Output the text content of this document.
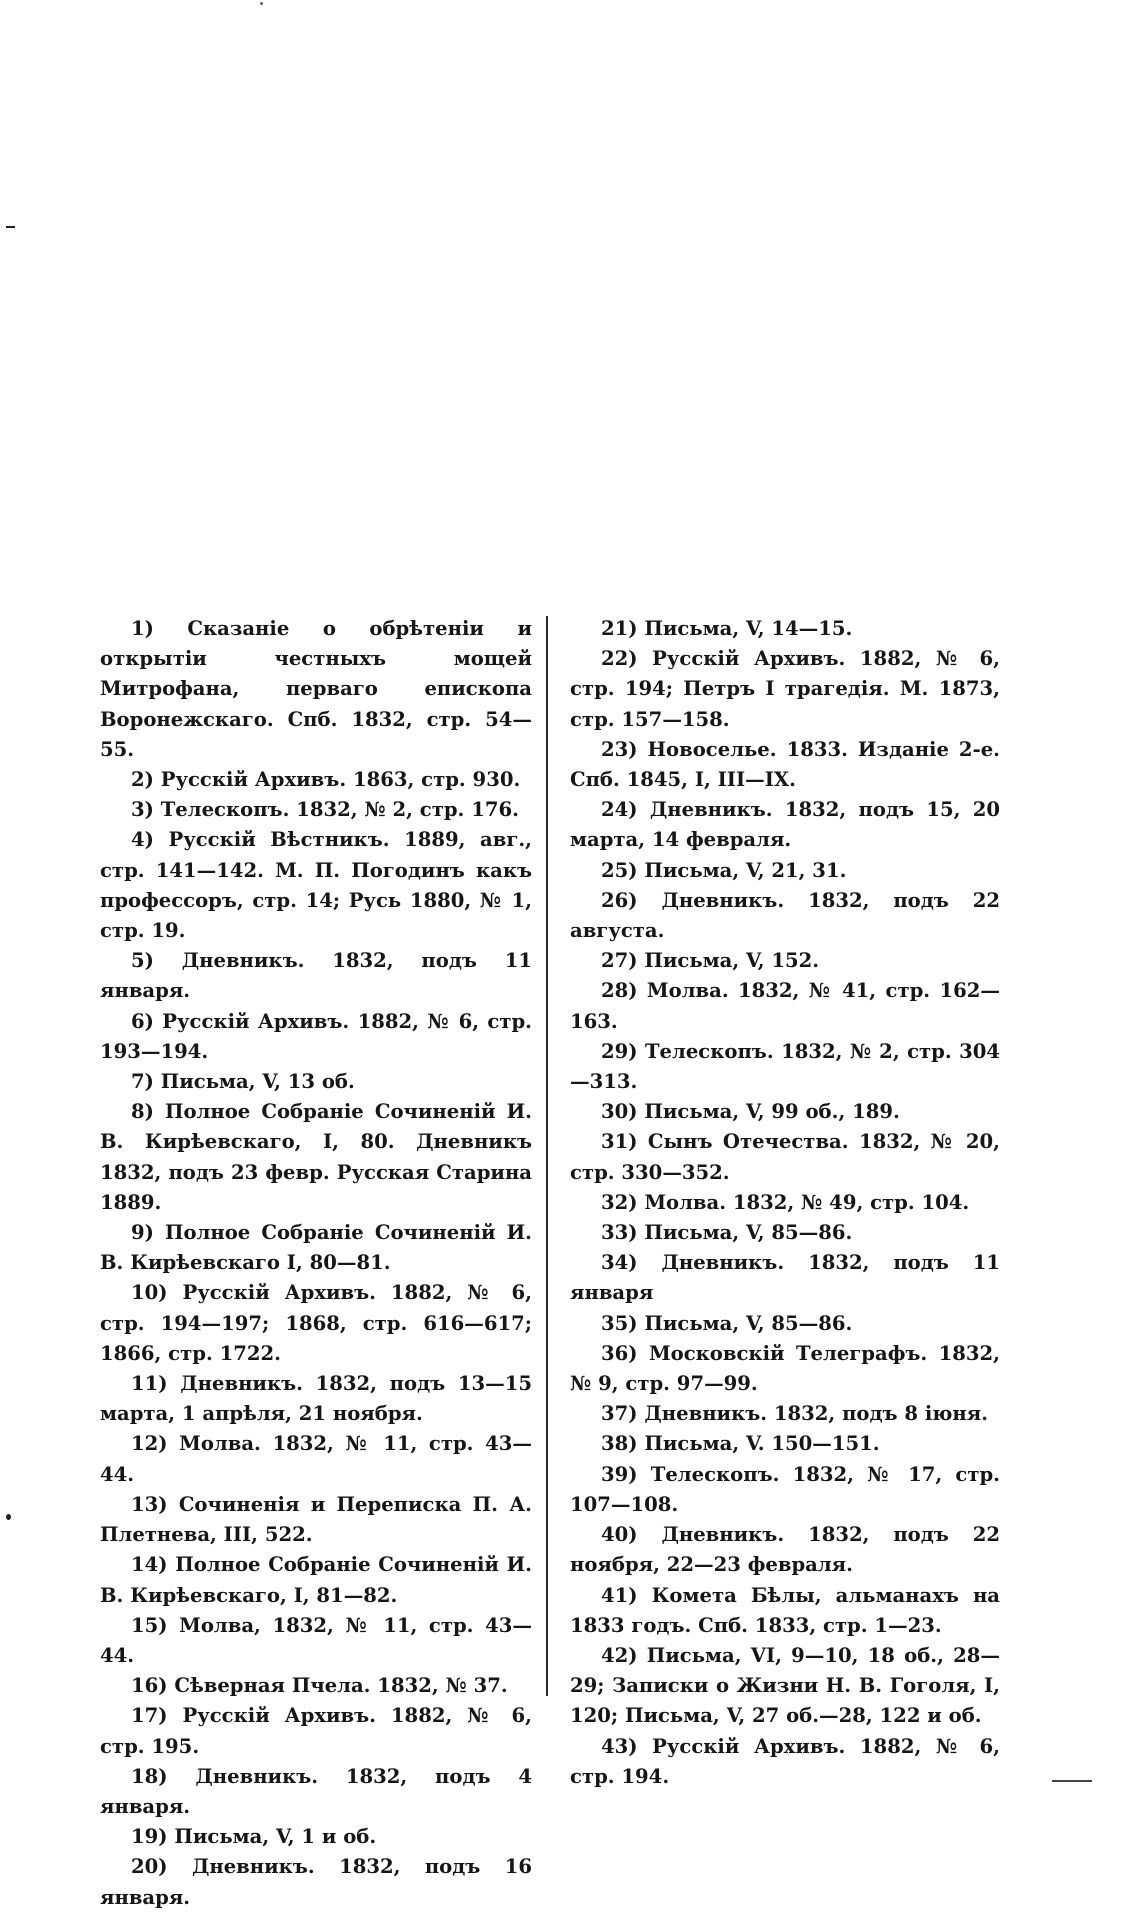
1) Сказаніе о обрѣтеніи и открытіи честныхъ мощей Митрофана, перваго епископа Воронежскаго. Спб. 1832, стр. 54—55.

2) Русскій Архивъ. 1863, стр. 930.

3) Телескопъ. 1832, № 2, стр. 176.

4) Русскій Вѣстникъ. 1889, авг., стр. 141—142. М. П. Погодинъ какъ профессоръ, стр. 14; Русь 1880, № 1, стр. 19.

5) Дневникъ. 1832, подъ 11 января.

6) Русскій Архивъ. 1882, № 6, стр. 193—194.

7) Письма, V, 13 об.

8) Полное Собраніе Сочиненій И. В. Кирѣевскаго, I, 80. Дневникъ 1832, подъ 23 февр. Русская Старина 1889.

9) Полное Собраніе Сочиненій И. В. Кирѣевскаго I, 80—81.

10) Русскій Архивъ. 1882, № 6, стр. 194—197; 1868, стр. 616—617; 1866, стр. 1722.

11) Дневникъ. 1832, подъ 13—15 марта, 1 апрѣля, 21 ноября.

12) Молва. 1832, № 11, стр. 43—44.

13) Сочиненія и Переписка П. А. Плетнева, III, 522.

14) Полное Собраніе Сочиненій И. В. Кирѣевскаго, I, 81—82.

15) Молва, 1832, № 11, стр. 43—44.

16) Сѣверная Пчела. 1832, № 37.

17) Русскій Архивъ. 1882, № 6, стр. 195.

18) Дневникъ. 1832, подъ 4 января.

19) Письма, V, 1 и об.

20) Дневникъ. 1832, подъ 16 января.

21) Письма, V, 14—15.

22) Русскій Архивъ. 1882, № 6, стр. 194; Петръ I трагедія. М. 1873, стр. 157—158.

23) Новоселье. 1833. Изданіе 2-е. Спб. 1845, I, III—IX.

24) Дневникъ. 1832, подъ 15, 20 марта, 14 февраля.

25) Письма, V, 21, 31.

26) Дневникъ. 1832, подъ 22 августа.

27) Письма, V, 152.

28) Молва. 1832, № 41, стр. 162—163.

29) Телескопъ. 1832, № 2, стр. 304—313.

30) Письма, V, 99 об., 189.

31) Сынъ Отечества. 1832, № 20, стр. 330—352.

32) Молва. 1832, № 49, стр. 104.

33) Письма, V, 85—86.

34) Дневникъ. 1832, подъ 11 января

35) Письма, V, 85—86.

36) Московскій Телеграфъ. 1832, № 9, стр. 97—99.

37) Дневникъ. 1832, подъ 8 іюня.

38) Письма, V. 150—151.

39) Телескопъ. 1832, № 17, стр. 107—108.

40) Дневникъ. 1832, подъ 22 ноября, 22—23 февраля.

41) Комета Бѣлы, альманахъ на 1833 годъ. Спб. 1833, стр. 1—23.

42) Письма, VI, 9—10, 18 об., 28—29; Записки о Жизни Н. В. Гоголя, I, 120; Письма, V, 27 об.—28, 122 и об.

43) Русскій Архивъ. 1882, № 6, стр. 194.
